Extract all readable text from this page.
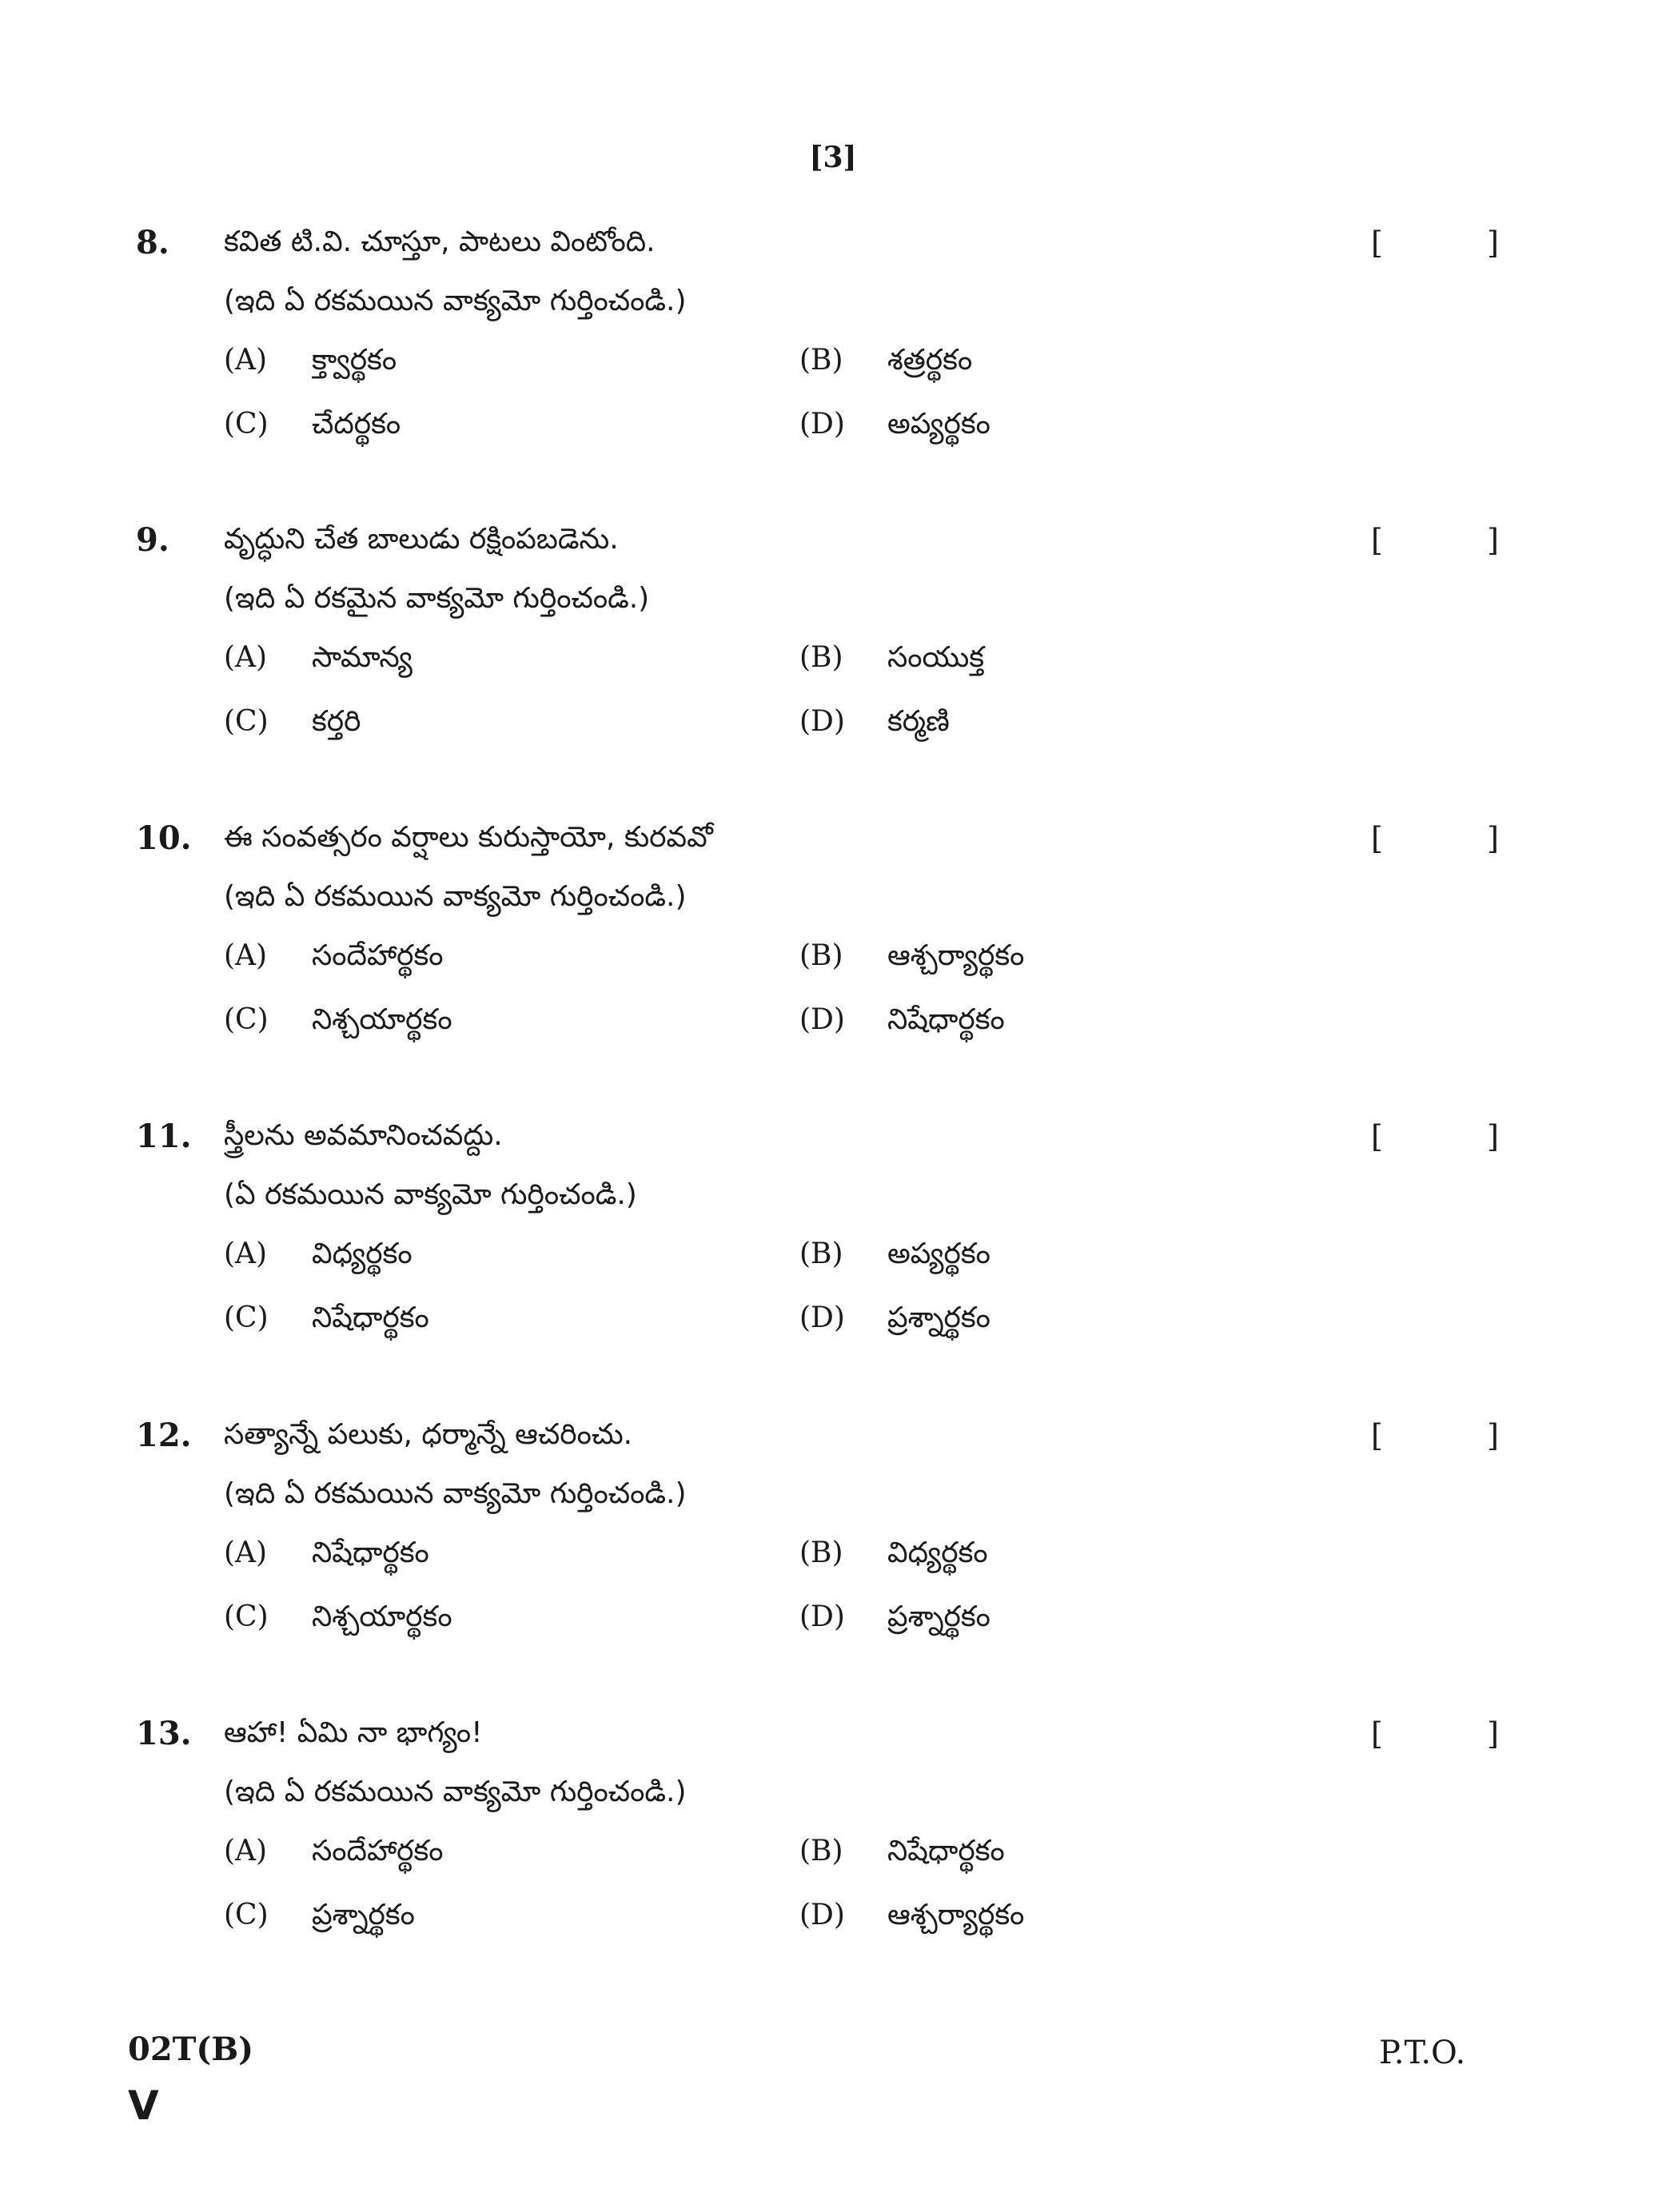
[3]
8. కవిత టి.వి. చూస్తూ, పాటలు వింటోంది.
(ఇది ఏ రకమయిన వాక్యమో గుర్తించండి.)
[	]
(A) క్త్వార్థకం	(B) శత్రర్థకం
(C) చేదర్థకం	(D) అప్యర్థకం
9. వృద్ధుని చేత బాలుడు రక్షింపబడెను.
(ఇది ఏ రకమైన వాక్యమో గుర్తించండి.)
[	]
(A) సామాన్య	(B) సంయుక్త
(C) కర్తరి	(D) కర్మణి
10. ఈ సంవత్సరం వర్షాలు కురుస్తాయో, కురవవో
(ఇది ఏ రకమయిన వాక్యమో గుర్తించండి.)
[	]
(A) సందేహార్థకం	(B) ఆశ్చర్యార్థకం
(C) నిశ్చయార్థకం	(D) నిషేధార్థకం
11. స్త్రీలను అవమానించవద్దు.
(ఏ రకమయిన వాక్యమో గుర్తించండి.)
[	]
(A) విధ్యర్థకం	(B) అప్యర్థకం
(C) నిషేధార్థకం	(D) ప్రశ్నార్థకం
12. సత్యాన్నే పలుకు, ధర్మాన్నే ఆచరించు.
(ఇది ఏ రకమయిన వాక్యమో గుర్తించండి.)
[	]
(A) నిషేధార్థకం	(B) విధ్యర్థకం
(C) నిశ్చయార్థకం	(D) ప్రశ్నార్థకం
13. ఆహా! ఏమి నా భాగ్యం!
(ఇది ఏ రకమయిన వాక్యమో గుర్తించండి.)
[	]
(A) సందేహార్థకం	(B) నిషేధార్థకం
(C) ప్రశ్నార్థకం	(D) ఆశ్చర్యార్థకం
02T(B)	P.T.O.
V
